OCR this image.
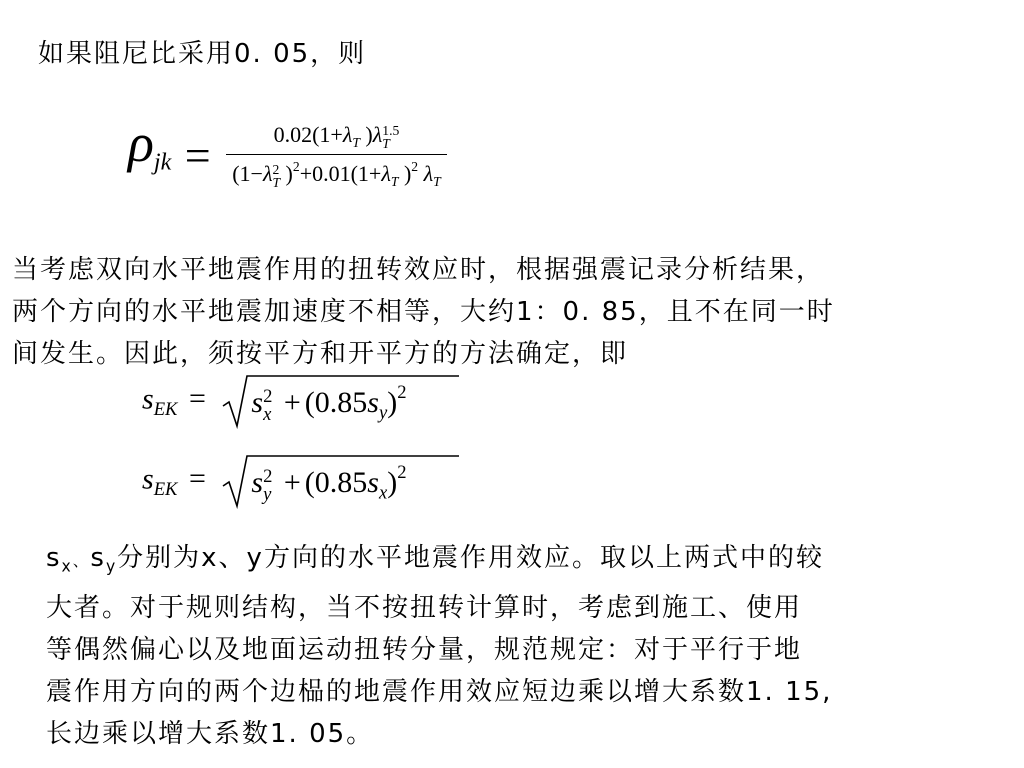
如果阻尼比采用0. 05，则
$\rho jk = 0.02(1+\lambda_T$ )λ 1.5
T
(1−λ 2
T )$^2+0.01(1+\lambda_T$ )$^2$ $\lambda_T$
当考虑双向水平地震作用的扭转效应时，根据强震记录分析结果，
两个方向的水平地震加速度不相等，大约1：0. 85，且不在同一时
间发生。因此，须按平方和开平方的方法确定，即
$s_{EK} = s$ 2
$x + (0.85s_y)^2$
$s_{EK} = s$ 2
$y + (0.85s_x)^2$
$s_x$、$s_y$分别为x、y方向的水平地震作用效应。取以上两式中的较
大者。对于规则结构，当不按扭转计算时，考虑到施工、使用
等偶然偏心以及地面运动扭转分量，规范规定：对于平行于地
震作用方向的两个边榀的地震作用效应短边乘以增大系数1. 15,
长边乘以增大系数1. 05。
